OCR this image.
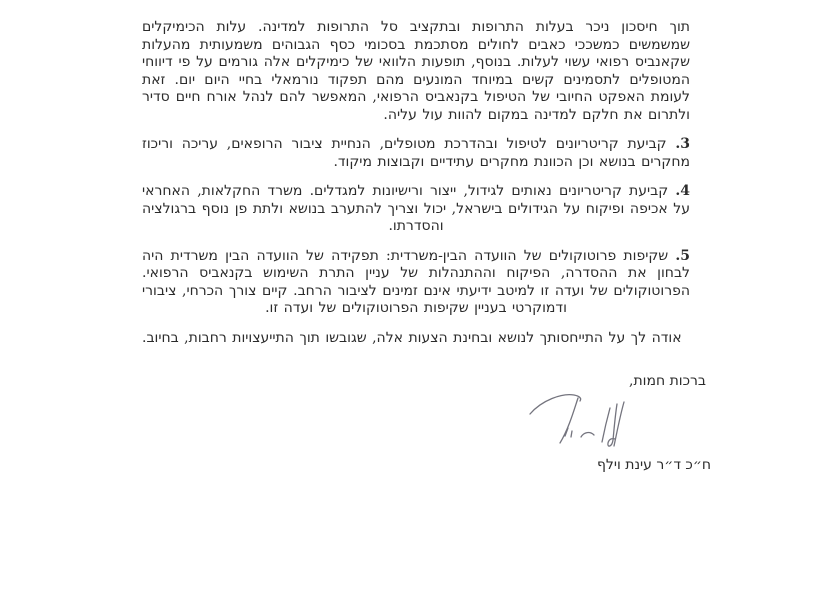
תוך חיסכון ניכר בעלות התרופות ובתקציב סל התרופות למדינה. עלות הכימיקלים שמשמשים כמשככי כאבים לחולים מסתכמת בסכומי כסף הגבוהים משמעותית מהעלות שקאנביס רפואי עשוי לעלות. בנוסף, תופעות הלוואי של כימיקלים אלה גורמים על פי דיווחי המטופלים לתסמינים קשים במיוחד המונעים מהם תפקוד נורמאלי בחיי היום יום. זאת לעומת האפקט החיובי של הטיפול בקנאביס הרפואי, המאפשר להם לנהל אורח חיים סדיר ולתרום את חלקם למדינה במקום להוות עול עליה.

3. קביעת קריטריונים לטיפול ובהדרכת מטופלים, הנחיית ציבור הרופאים, עריכה וריכוז מחקרים בנושא וכן הכוונת מחקרים עתידיים וקבוצות מיקוד.

4. קביעת קריטריונים נאותים לגידול, ייצור ורישיונות למגדלים. משרד החקלאות, האחראי על אכיפה ופיקוח על הגידולים בישראל, יכול וצריך להתערב בנושא ולתת פן נוסף ברגולציה והסדרתו.

5. שקיפות פרוטוקולים של הוועדה הבין-משרדית: תפקידה של הוועדה הבין משרדית היה לבחון את ההסדרה, הפיקוח וההתנהלות של עניין התרת השימוש בקנאביס הרפואי. הפרוטוקולים של ועדה זו למיטב ידיעתי אינם זמינים לציבור הרחב. קיים צורך הכרחי, ציבורי ודמוקרטי בעניין שקיפות הפרוטוקולים של ועדה זו.

אודה לך על התייחסותך לנושא ובחינת הצעות אלה, שגובשו תוך התייעצויות רחבות, בחיוב.

ברכות חמות,

ח״כ ד״ר עינת וילף
